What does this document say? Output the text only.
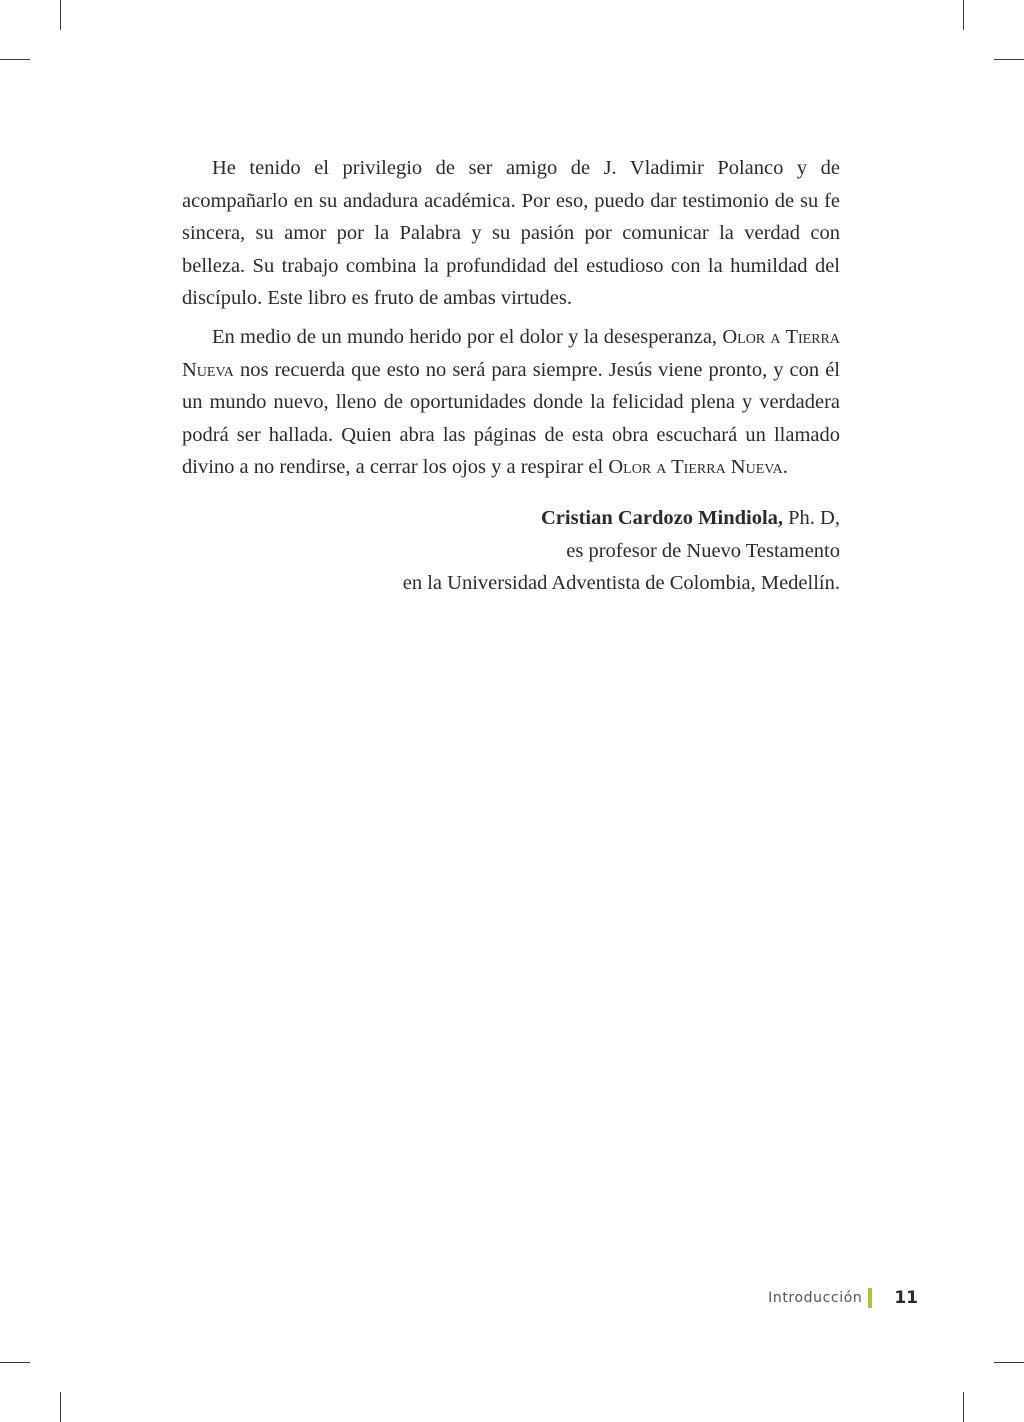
He tenido el privilegio de ser amigo de J. Vladimir Polanco y de acompañarlo en su andadura académica. Por eso, puedo dar testimonio de su fe sincera, su amor por la Palabra y su pasión por comunicar la verdad con belleza. Su trabajo combina la profundidad del estudioso con la humildad del discípulo. Este libro es fruto de ambas virtudes.

En medio de un mundo herido por el dolor y la desesperanza, Olor a Tierra Nueva nos recuerda que esto no será para siempre. Jesús viene pronto, y con él un mundo nuevo, lleno de oportunidades donde la felicidad plena y verdadera podrá ser hallada. Quien abra las páginas de esta obra escuchará un llamado divino a no rendirse, a cerrar los ojos y a respirar el Olor a Tierra Nueva.

Cristian Cardozo Mindiola, Ph. D,
es profesor de Nuevo Testamento
en la Universidad Adventista de Colombia, Medellín.
Introducción 11
